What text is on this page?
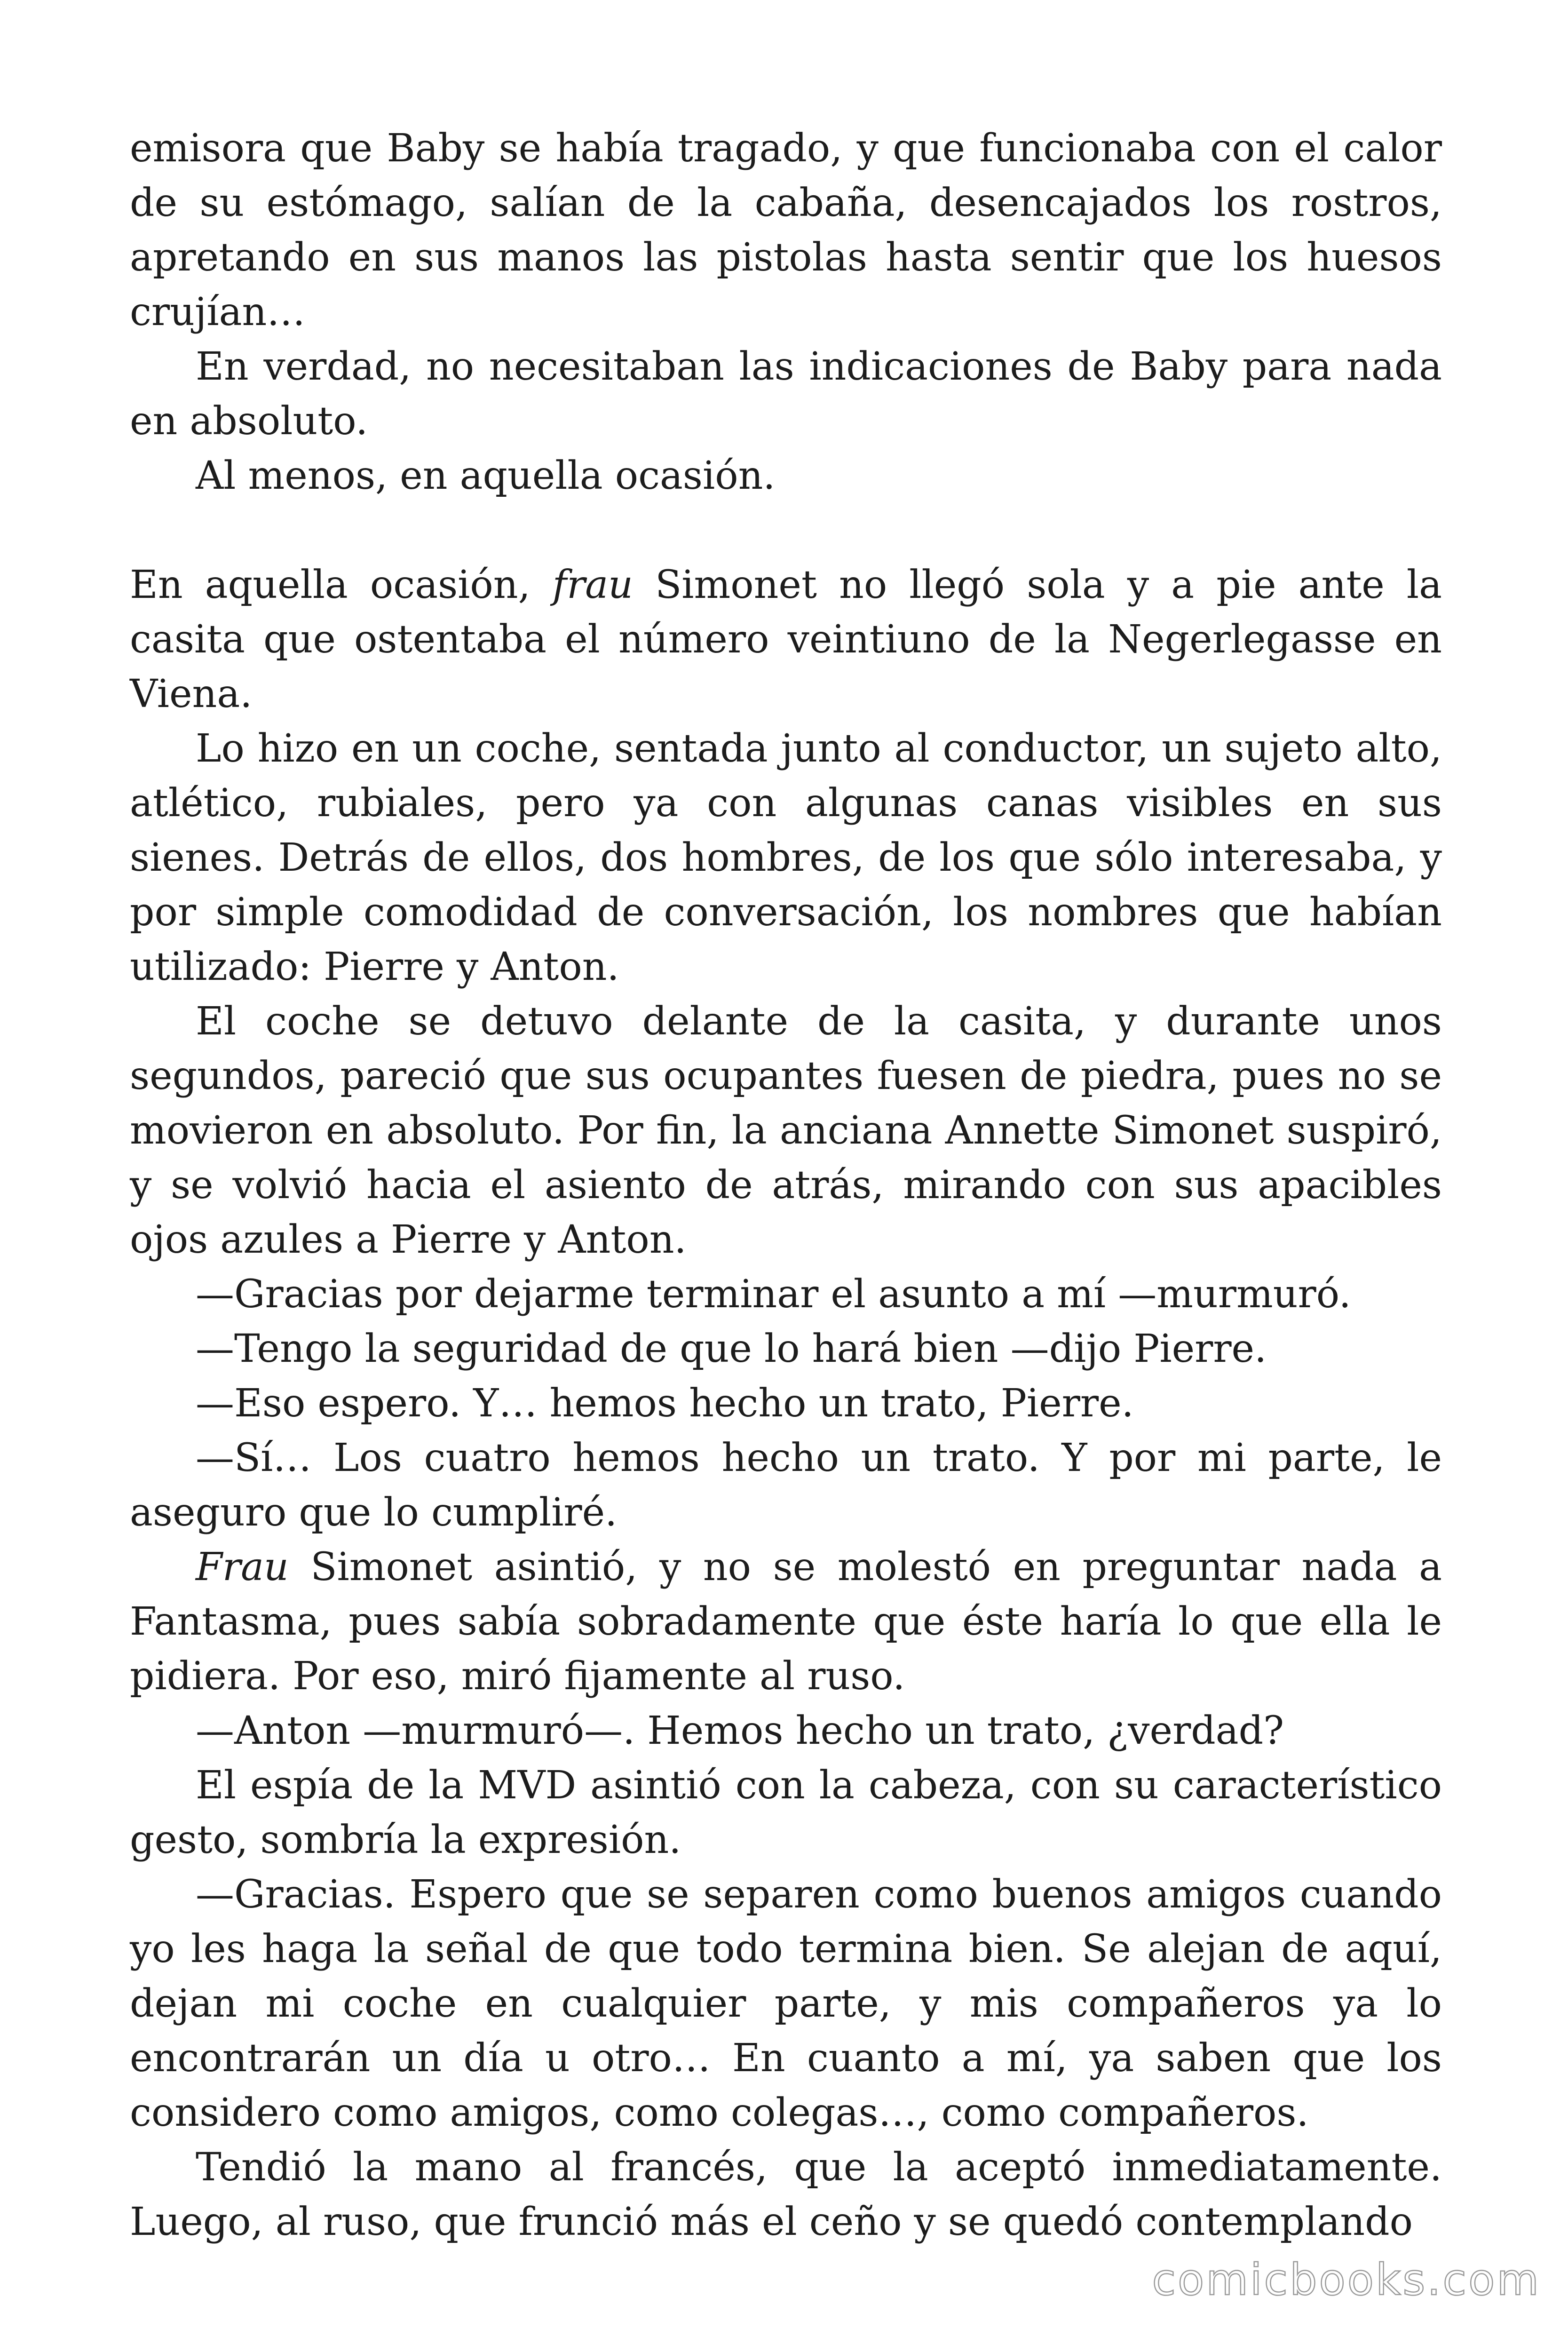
emisora que Baby se había tragado, y que funcionaba con el calor de su estómago, salían de la cabaña, desencajados los rostros, apretando en sus manos las pistolas hasta sentir que los huesos crujían…

En verdad, no necesitaban las indicaciones de Baby para nada en absoluto.

Al menos, en aquella ocasión.

En aquella ocasión, frau Simonet no llegó sola y a pie ante la casita que ostentaba el número veintiuno de la Negerlegasse en Viena.

Lo hizo en un coche, sentada junto al conductor, un sujeto alto, atlético, rubiales, pero ya con algunas canas visibles en sus sienes. Detrás de ellos, dos hombres, de los que sólo interesaba, y por simple comodidad de conversación, los nombres que habían utilizado: Pierre y Anton.

El coche se detuvo delante de la casita, y durante unos segundos, pareció que sus ocupantes fuesen de piedra, pues no se movieron en absoluto. Por fin, la anciana Annette Simonet suspiró, y se volvió hacia el asiento de atrás, mirando con sus apacibles ojos azules a Pierre y Anton.

—Gracias por dejarme terminar el asunto a mí —murmuró.

—Tengo la seguridad de que lo hará bien —dijo Pierre.

—Eso espero. Y… hemos hecho un trato, Pierre.

—Sí… Los cuatro hemos hecho un trato. Y por mi parte, le aseguro que lo cumpliré.

Frau Simonet asintió, y no se molestó en preguntar nada a Fantasma, pues sabía sobradamente que éste haría lo que ella le pidiera. Por eso, miró fijamente al ruso.

—Anton —murmuró—. Hemos hecho un trato, ¿verdad?

El espía de la MVD asintió con la cabeza, con su característico gesto, sombría la expresión.

—Gracias. Espero que se separen como buenos amigos cuando yo les haga la señal de que todo termina bien. Se alejan de aquí, dejan mi coche en cualquier parte, y mis compañeros ya lo encontrarán un día u otro… En cuanto a mí, ya saben que los considero como amigos, como colegas…, como compañeros.

Tendió la mano al francés, que la aceptó inmediatamente. Luego, al ruso, que frunció más el ceño y se quedó contemplando

comicbooks.com
